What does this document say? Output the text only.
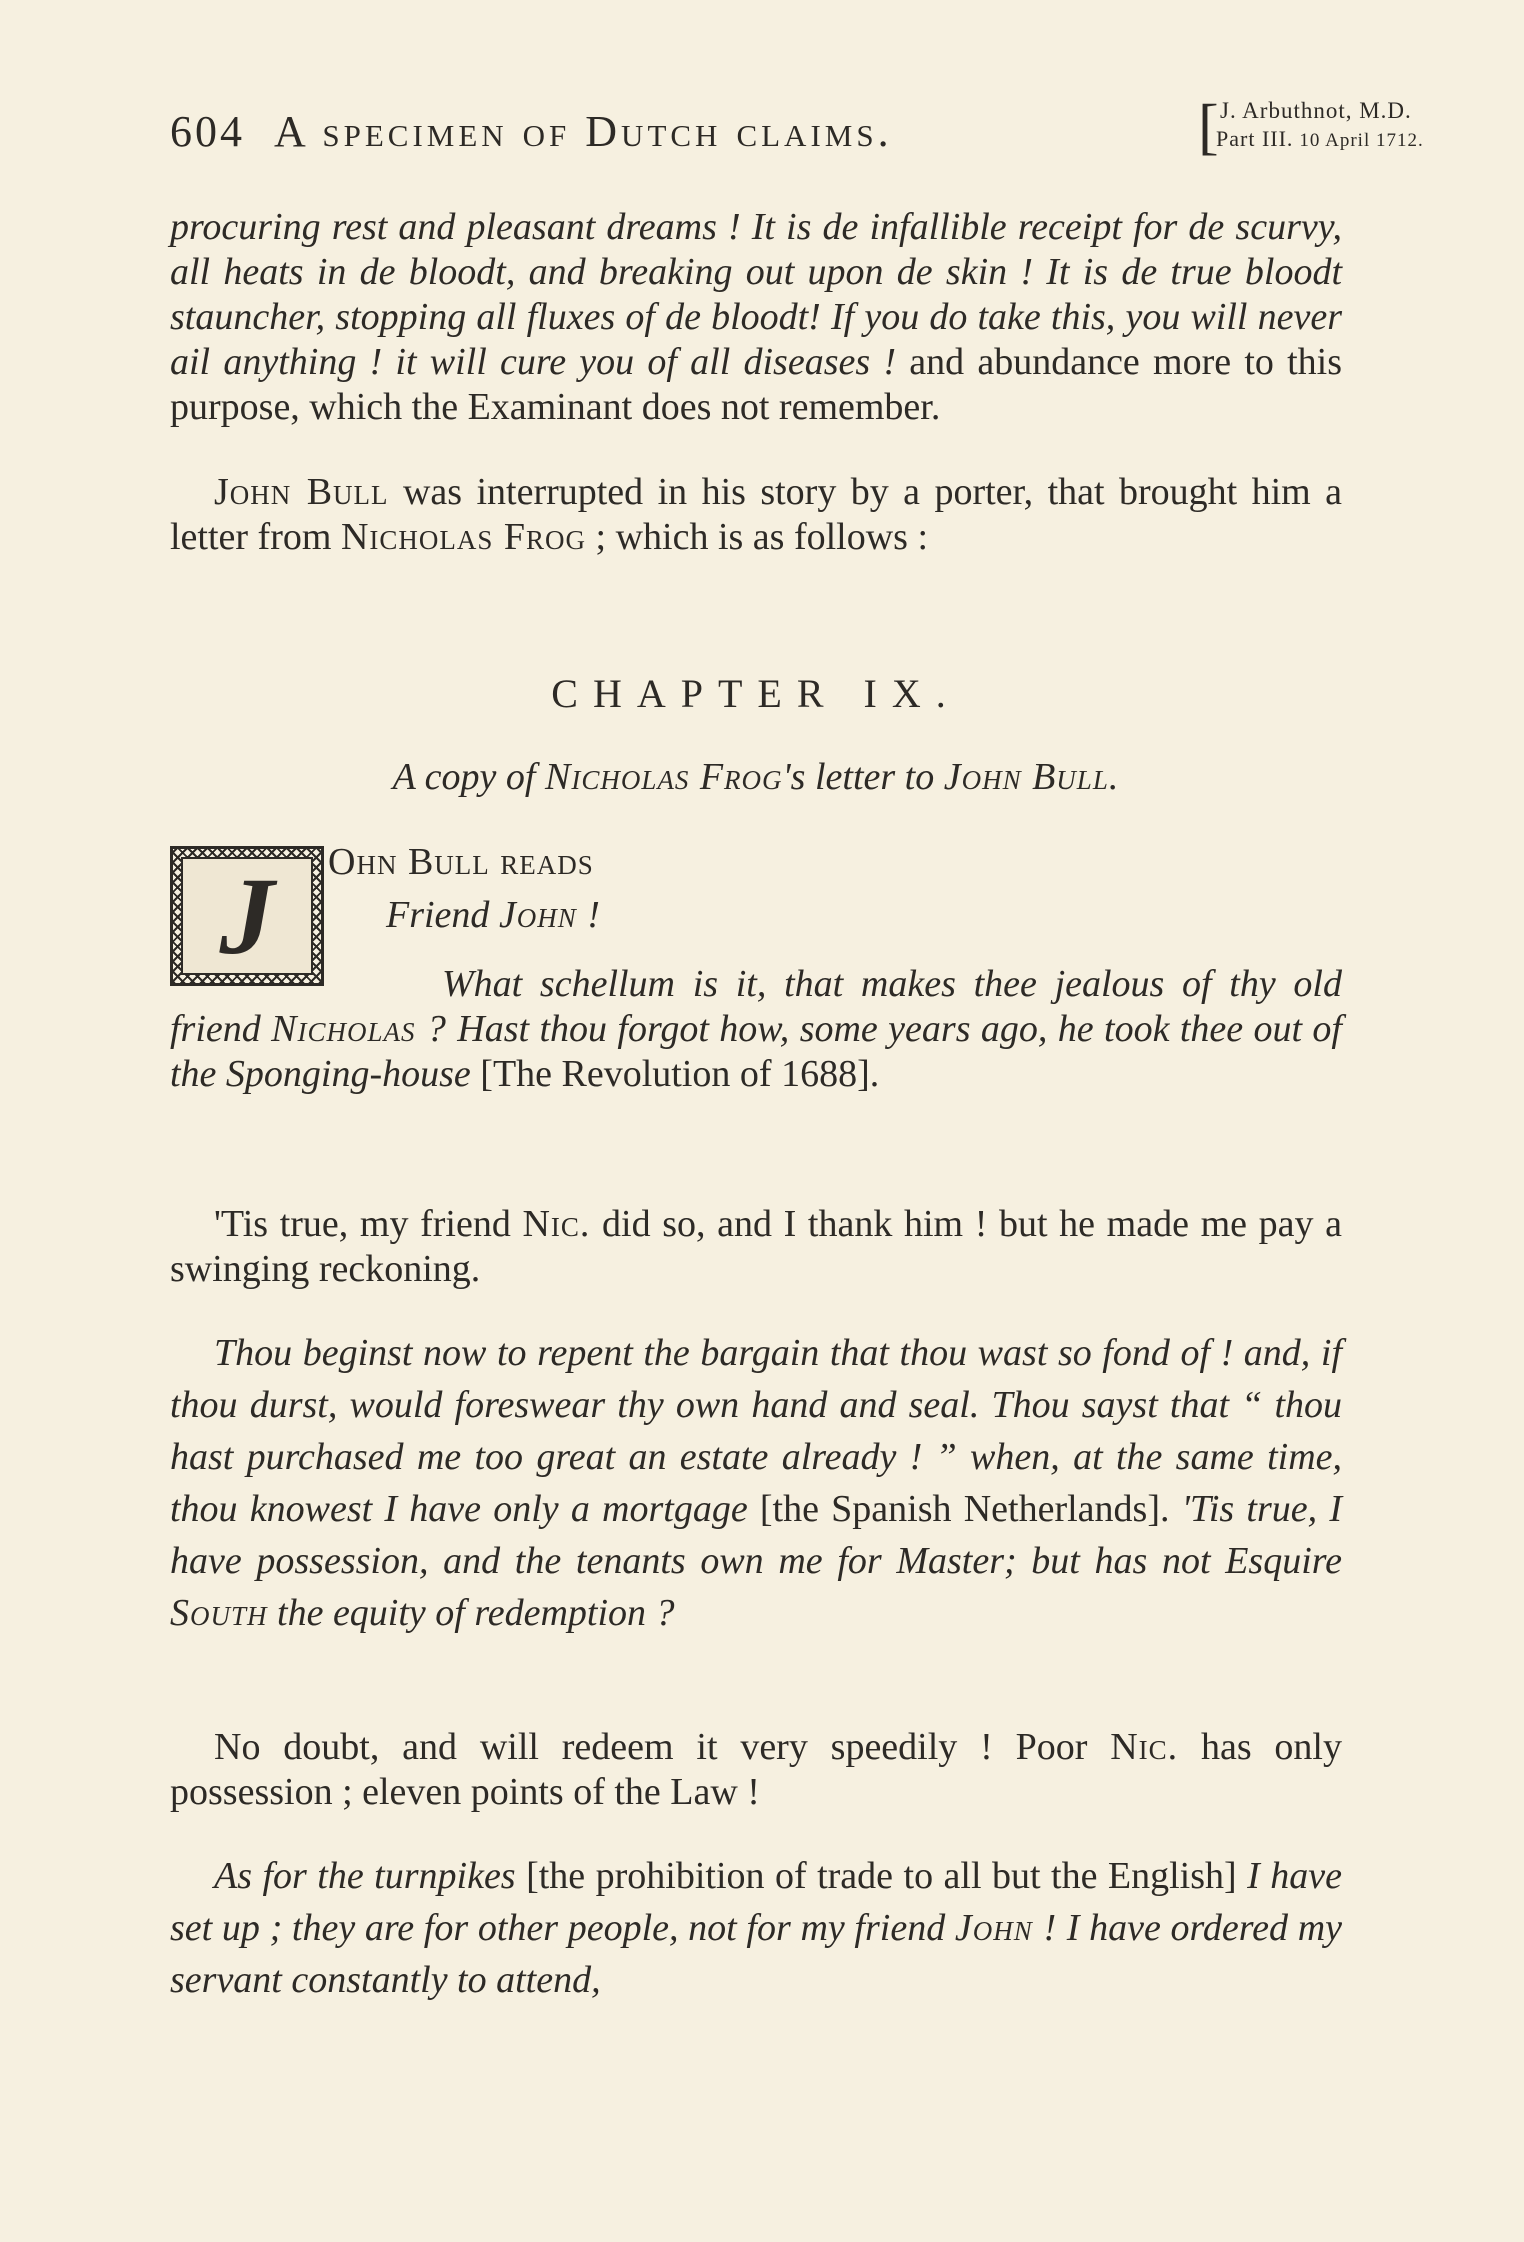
604 A specimen of Dutch claims.	[
J. Arbuthnot, M.D.
Part III. 10 April 1712.

procuring rest and pleasant dreams ! It is de infallible receipt for de scurvy, all heats in de bloodt, and breaking out upon de skin ! It is de true bloodt stauncher, stopping all fluxes of de bloodt! If you do take this, you will never ail anything ! it will cure you of all diseases ! and abundance more to this purpose, which the Examinant does not remember.

John Bull was interrupted in his story by a porter, that brought him a letter from Nicholas Frog ; which is as follows :

CHAPTER IX.
A copy of Nicholas Frog's letter to John Bull.
J Ohn Bull reads

Friend John !

What schellum is it, that makes thee jealous of thy old friend Nicholas ? Hast thou forgot how, some years ago, he took thee out of the Sponging-house [The Revolution of 1688].

'Tis true, my friend Nic. did so, and I thank him ! but he made me pay a swinging reckoning.

Thou beginst now to repent the bargain that thou wast so fond of ! and, if thou durst, would foreswear thy own hand and seal. Thou sayst that “ thou hast purchased me too great an estate already ! ” when, at the same time, thou knowest I have only a mortgage [the Spanish Netherlands]. 'Tis true, I have possession, and the tenants own me for Master; but has not Esquire South the equity of redemption ?

No doubt, and will redeem it very speedily ! Poor Nic. has only possession ; eleven points of the Law !

As for the turnpikes [the prohibition of trade to all but the English] I have set up ; they are for other people, not for my friend John ! I have ordered my servant constantly to attend,
